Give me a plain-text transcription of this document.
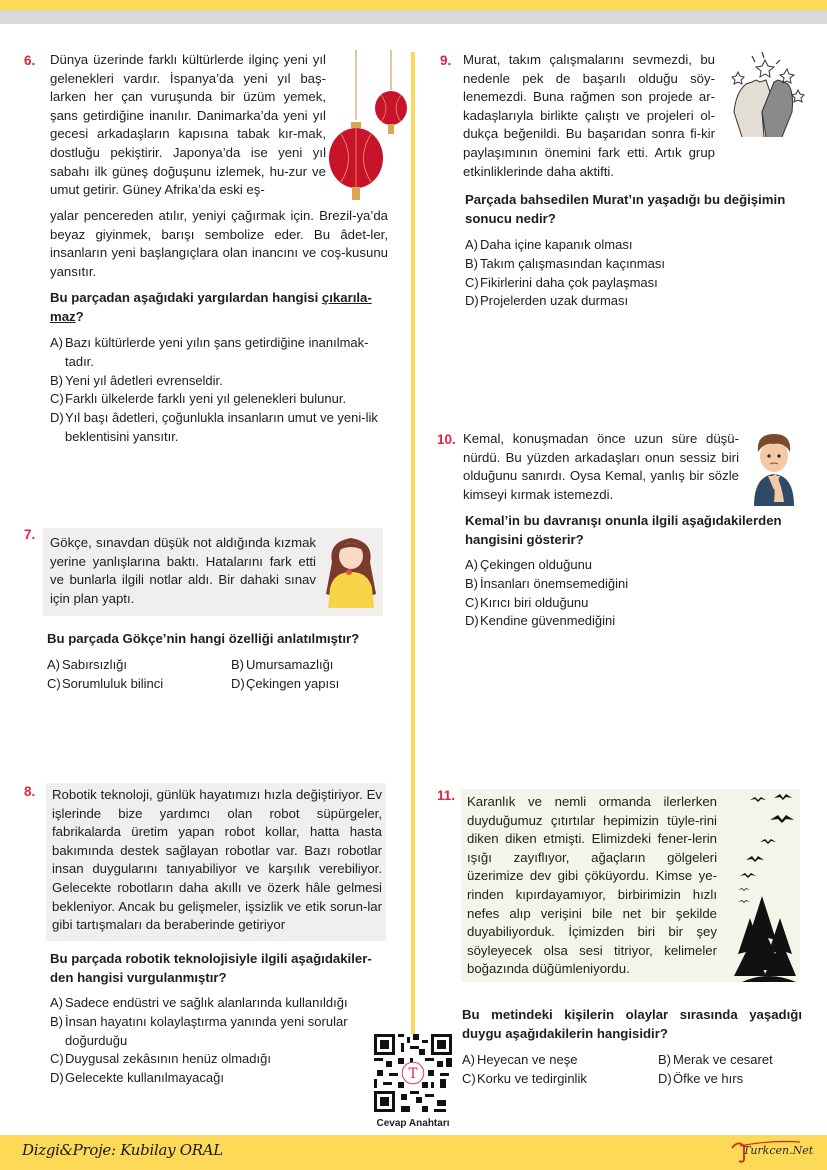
6. Dünya üzerinde farklı kültürlerde ilginç yeni yıl gelenekleri vardır. İspanya’da yeni yıl baş-larken her çan vuruşunda bir üzüm yemek, şans getirdiğine inanılır. Danimarka’da yeni yıl gecesi arkadaşların kapısına tabak kır-mak, dostluğu pekiştirir. Japonya’da ise yeni yıl sabahı ilk güneş doğuşunu izlemek, hu-zur ve umut getirir. Güney Afrika’da eski eş-
yalar pencereden atılır, yeniyi çağırmak için. Brezil-ya’da beyaz giyinmek, barışı sembolize eder. Bu âdet-ler, insanların yeni başlangıçlara olan inancını ve coş-kusunu yansıtır.
Bu parçadan aşağıdaki yargılardan hangisi çıkarıla-maz?
A) Bazı kültürlerde yeni yılın şans getirdiğine inanılmak-tadır.
B) Yeni yıl âdetleri evrenseldir.
C) Farklı ülkelerde farklı yeni yıl gelenekleri bulunur.
D) Yıl başı âdetleri, çoğunlukla insanların umut ve yeni-lik beklentisini yansıtır.
7.
Gökçe, sınavdan düşük not aldığında kızmak yerine yanlışlarına baktı. Hatalarını fark etti ve bunlarla ilgili notlar aldı. Bir dahaki sınav için plan yaptı.
Bu parçada Gökçe’nin hangi özelliği anlatılmıştır?
A) Sabırsızlığı	B) Umursamazlığı
C) Sorumluluk bilinci	D) Çekingen yapısı
8. Robotik teknoloji, günlük hayatımızı hızla değiştiriyor. Ev işlerinde bize yardımcı olan robot süpürgeler, fabrikalarda üretim yapan robot kollar, hatta hasta bakımında destek sağlayan robotlar var. Bazı robotlar insan duygularını tanıyabiliyor ve karşılık verebiliyor. Gelecekte robotların daha akıllı ve özerk hâle gelmesi bekleniyor. Ancak bu gelişmeler, işsizlik ve etik sorun-lar gibi tartışmaları da beraberinde getiriyor
Bu parçada robotik teknolojisiyle ilgili aşağıdakiler-den hangisi vurgulanmıştır?
A) Sadece endüstri ve sağlık alanlarında kullanıldığı
B) İnsan hayatını kolaylaştırma yanında yeni sorular doğurduğu
C) Duygusal zekâsının henüz olmadığı
D) Gelecekte kullanılmayacağı
9. Murat, takım çalışmalarını sevmezdi, bu nedenle pek de başarılı olduğu söy-lenemezdi. Buna rağmen son projede ar-kadaşlarıyla birlikte çalıştı ve projeleri ol-dukça beğenildi. Bu başarıdan sonra fi-kir paylaşımının önemini fark etti. Artık grup etkinliklerinde daha aktifti.
Parçada bahsedilen Murat’ın yaşadığı bu değişimin sonucu nedir?
A) Daha içine kapanık olması
B) Takım çalışmasından kaçınması
C) Fikirlerini daha çok paylaşması
D) Projelerden uzak durması
10. Kemal, konuşmadan önce uzun süre düşü-nürdü. Bu yüzden arkadaşları onun sessiz biri olduğunu sanırdı. Oysa Kemal, yanlış bir sözle kimseyi kırmak istemezdi.
Kemal’in bu davranışı onunla ilgili aşağıdakilerden hangisini gösterir?
A) Çekingen olduğunu
B) İnsanları önemsemediğini
C) Kırıcı biri olduğunu
D) Kendine güvenmediğini
11. Karanlık ve nemli ormanda ilerlerken duyduğumuz çıtırtılar hepimizin tüyle-rini diken diken etmişti. Elimizdeki fener-lerin ışığı zayıflıyor, ağaçların gölgeleri üzerimize dev gibi çöküyordu. Kimse ye-rinden kıpırdayamıyor, birbirimizin hızlı nefes alıp verişini bile net bir şekilde duyabiliyorduk. İçimizden biri bir şey söyleyecek olsa sesi titriyor, kelimeler boğazında düğümleniyordu.
Bu metindeki kişilerin olaylar sırasında yaşadığı duygu aşağıdakilerin hangisidir?
A) Heyecan ve neşe	B) Merak ve cesaret
C) Korku ve tedirginlik	D) Öfke ve hırs
T
Cevap Anahtarı
Dizgi&Proje: Kubilay ORAL	Turkcen.Net
